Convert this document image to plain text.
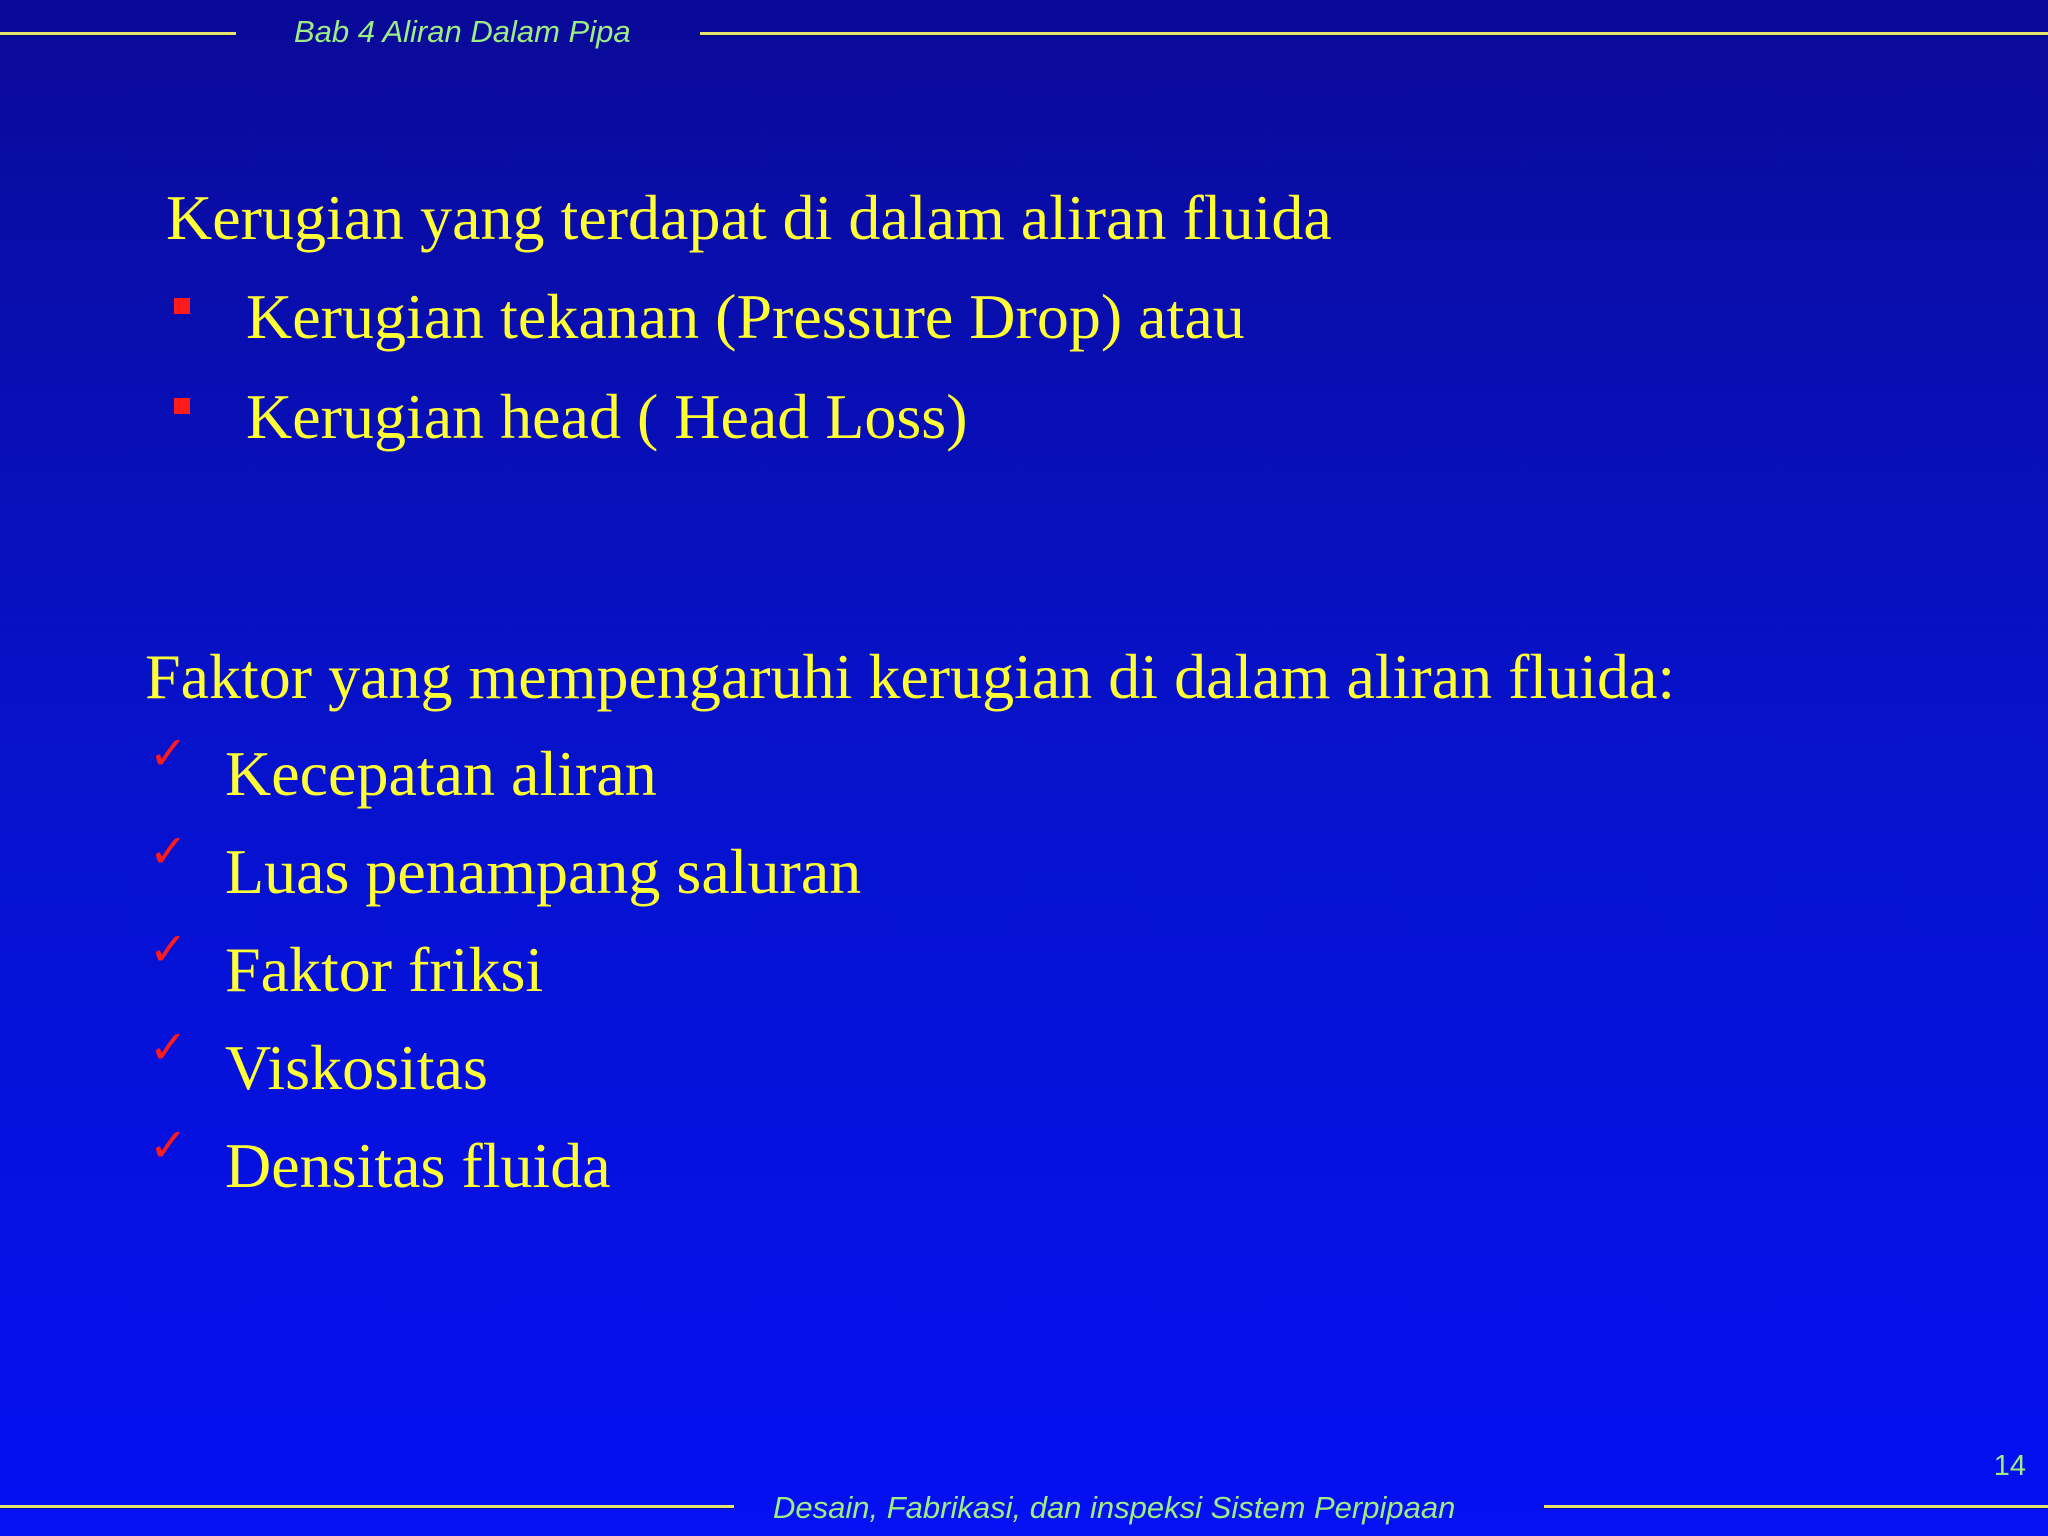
Bab 4 Aliran Dalam Pipa
Kerugian yang terdapat di dalam aliran fluida
Kerugian tekanan (Pressure Drop) atau
Kerugian head ( Head Loss)
Faktor yang mempengaruhi kerugian di dalam aliran fluida:
✓ Kecepatan aliran
✓ Luas penampang saluran
✓ Faktor friksi
✓ Viskositas
✓ Densitas fluida
14
Desain, Fabrikasi, dan inspeksi Sistem Perpipaan
